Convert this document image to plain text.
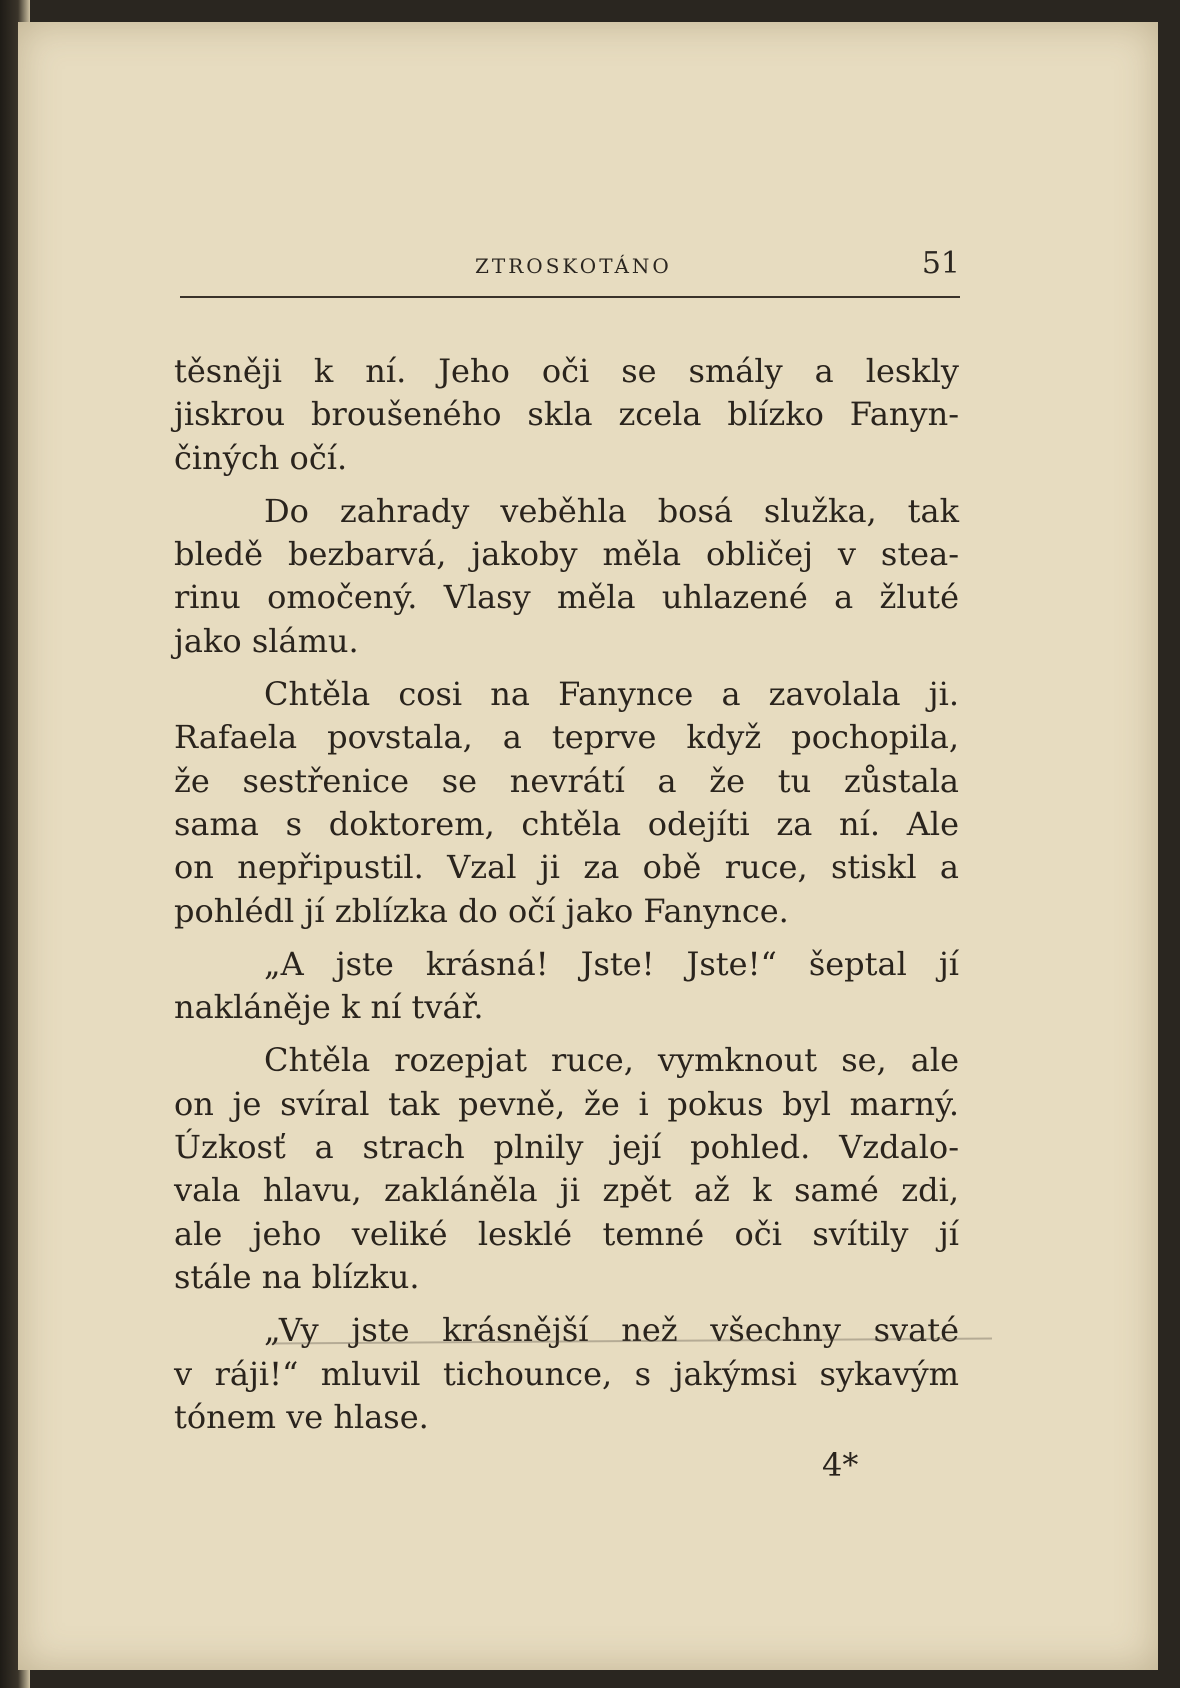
ZTROSKOTÁNO	51
těsněji k ní. Jeho oči se smály a leskly
jiskrou broušeného skla zcela blízko Fanyn-
činých očí.
Do zahrady veběhla bosá služka, tak
bledě bezbarvá, jakoby měla obličej v stea-
rinu omočený. Vlasy měla uhlazené a žluté
jako slámu.
Chtěla cosi na Fanynce a zavolala ji.
Rafaela povstala, a teprve když pochopila,
že sestřenice se nevrátí a že tu zůstala
sama s doktorem, chtěla odejíti za ní. Ale
on nepřipustil. Vzal ji za obě ruce, stiskl a
pohlédl jí zblízka do očí jako Fanynce.
„A jste krásná! Jste! Jste!“ šeptal jí
nakláněje k ní tvář.
Chtěla rozepjat ruce, vymknout se, ale
on je svíral tak pevně, že i pokus byl marný.
Úzkosť a strach plnily její pohled. Vzdalo-
vala hlavu, zakláněla ji zpět až k samé zdi,
ale jeho veliké lesklé temné oči svítily jí
stále na blízku.
„Vy jste krásnější než všechny svaté
v ráji!“ mluvil tichounce, s jakýmsi sykavým
tónem ve hlase.
4*
